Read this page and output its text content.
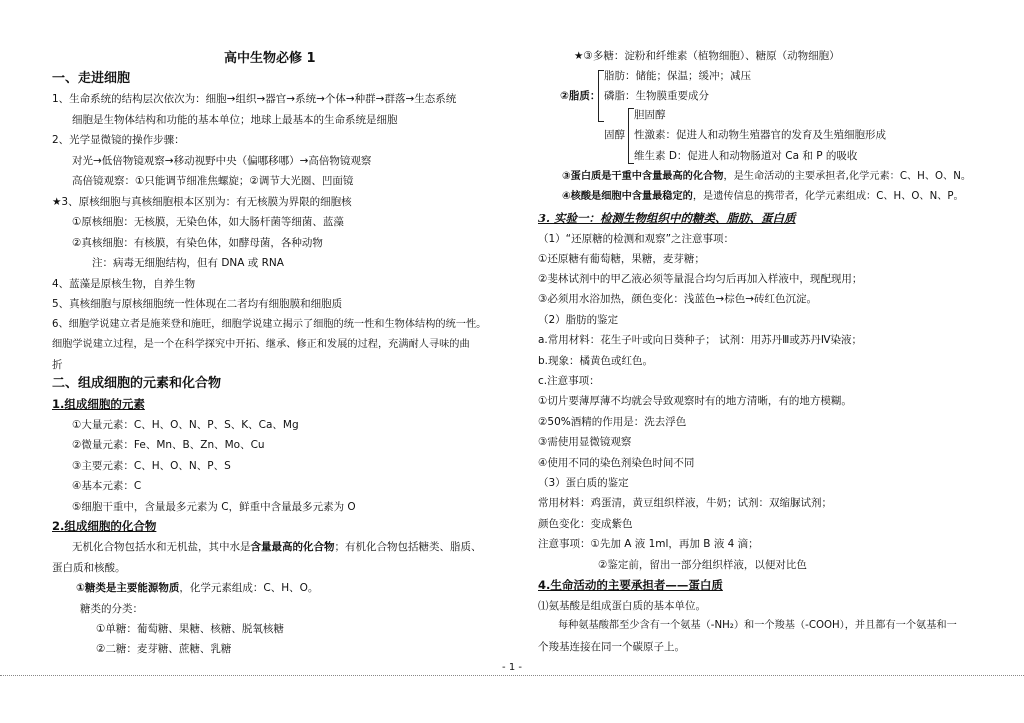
高中生物必修 1
一、走进细胞
1、生命系统的结构层次依次为：细胞→组织→器官→系统→个体→种群→群落→生态系统
细胞是生物体结构和功能的基本单位；地球上最基本的生命系统是细胞
2、光学显微镜的操作步骤：
对光→低倍物镜观察→移动视野中央（偏哪移哪）→高倍物镜观察
高倍镜观察：①只能调节细准焦螺旋；②调节大光圈、凹面镜
★3、原核细胞与真核细胞根本区别为：有无核膜为界限的细胞核
①原核细胞：无核膜，无染色体，如大肠杆菌等细菌、蓝藻
②真核细胞：有核膜，有染色体，如酵母菌，各种动物
注：病毒无细胞结构，但有 DNA 或 RNA
4、蓝藻是原核生物，自养生物
5、真核细胞与原核细胞统一性体现在二者均有细胞膜和细胞质
6、细胞学说建立者是施莱登和施旺，细胞学说建立揭示了细胞的统一性和生物体结构的统一性。
细胞学说建立过程，是一个在科学探究中开拓、继承、修正和发展的过程，充满耐人寻味的曲
折
二、组成细胞的元素和化合物
1.组成细胞的元素
①大量元素：C、H、O、N、P、S、K、Ca、Mg
②微量元素：Fe、Mn、B、Zn、Mo、Cu
③主要元素：C、H、O、N、P、S
④基本元素：C
⑤细胞干重中，含量最多元素为 C，鲜重中含量最多元素为 O
2.组成细胞的化合物
无机化合物包括水和无机盐，其中水是含量最高的化合物；有机化合物包括糖类、脂质、
蛋白质和核酸。
①糖类是主要能源物质，化学元素组成：C、H、O。
糖类的分类：
①单糖：葡萄糖、果糖、核糖、脱氧核糖
②二糖：麦芽糖、蔗糖、乳糖
★③多糖：淀粉和纤维素（植物细胞）、糖原（动物细胞）
②脂质：
脂肪：储能；保温；缓冲；减压
磷脂：生物膜重要成分
固醇
胆固醇
性激素：促进人和动物生殖器官的发育及生殖细胞形成
维生素 D：促进人和动物肠道对 Ca 和 P 的吸收
③蛋白质是干重中含量最高的化合物，是生命活动的主要承担者,化学元素：C、H、O、N。
④核酸是细胞中含量最稳定的，是遗传信息的携带者，化学元素组成：C、H、O、N、P。
3. 实验一：检测生物组织中的糖类、脂肪、蛋白质
（1）“还原糖的检测和观察”之注意事项：
①还原糖有葡萄糖，果糖，麦芽糖；
②斐林试剂中的甲乙液必须等量混合均匀后再加入样液中，现配现用；
③必须用水浴加热，颜色变化：浅蓝色→棕色→砖红色沉淀。
（2）脂肪的鉴定
a.常用材料：花生子叶或向日葵种子； 试剂：用苏丹Ⅲ或苏丹Ⅳ染液；
b.现象：橘黄色或红色。
c.注意事项：
①切片要薄厚薄不均就会导致观察时有的地方清晰，有的地方模糊。
②50%酒精的作用是：洗去浮色
③需使用显微镜观察
④使用不同的染色剂染色时间不同
（3）蛋白质的鉴定
常用材料：鸡蛋清，黄豆组织样液，牛奶；试剂：双缩脲试剂；
颜色变化：变成紫色
注意事项：①先加 A 液 1ml，再加 B 液 4 滴；
②鉴定前，留出一部分组织样液，以便对比色
4.生命活动的主要承担者——蛋白质
⑴氨基酸是组成蛋白质的基本单位。
每种氨基酸都至少含有一个氨基（-NH₂）和一个羧基（-COOH），并且都有一个氨基和一
个羧基连接在同一个碳原子上。
- 1 -
